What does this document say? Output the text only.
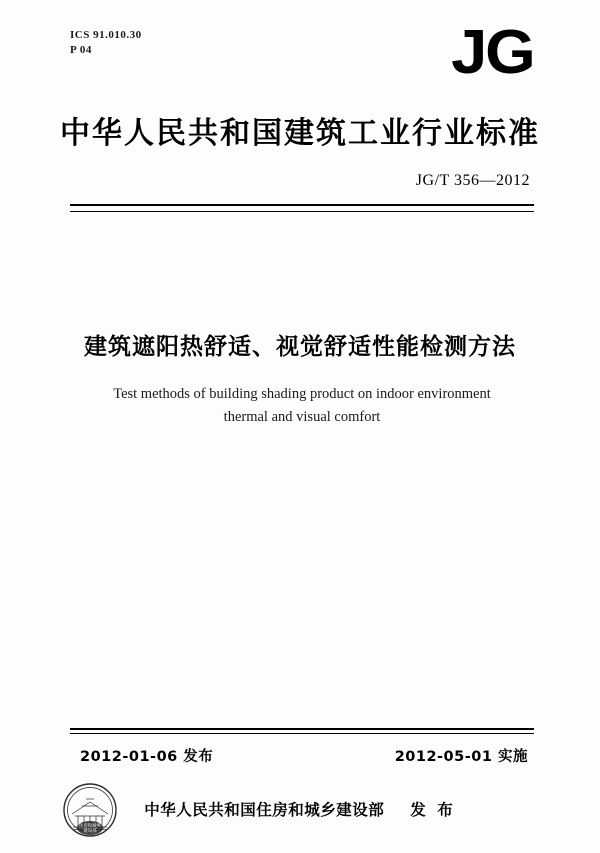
ICS 91.010.30
P 04	JG
中华人民共和国建筑工业行业标准
JG/T 356—2012
建筑遮阳热舒适、视觉舒适性能检测方法
Test methods of building shading product on indoor environment
thermal and visual comfort
2012-01-06 发布	2012-05-01 实施
住房和城乡
建设部
中华人民共和国住房和城乡建设部 发 布
